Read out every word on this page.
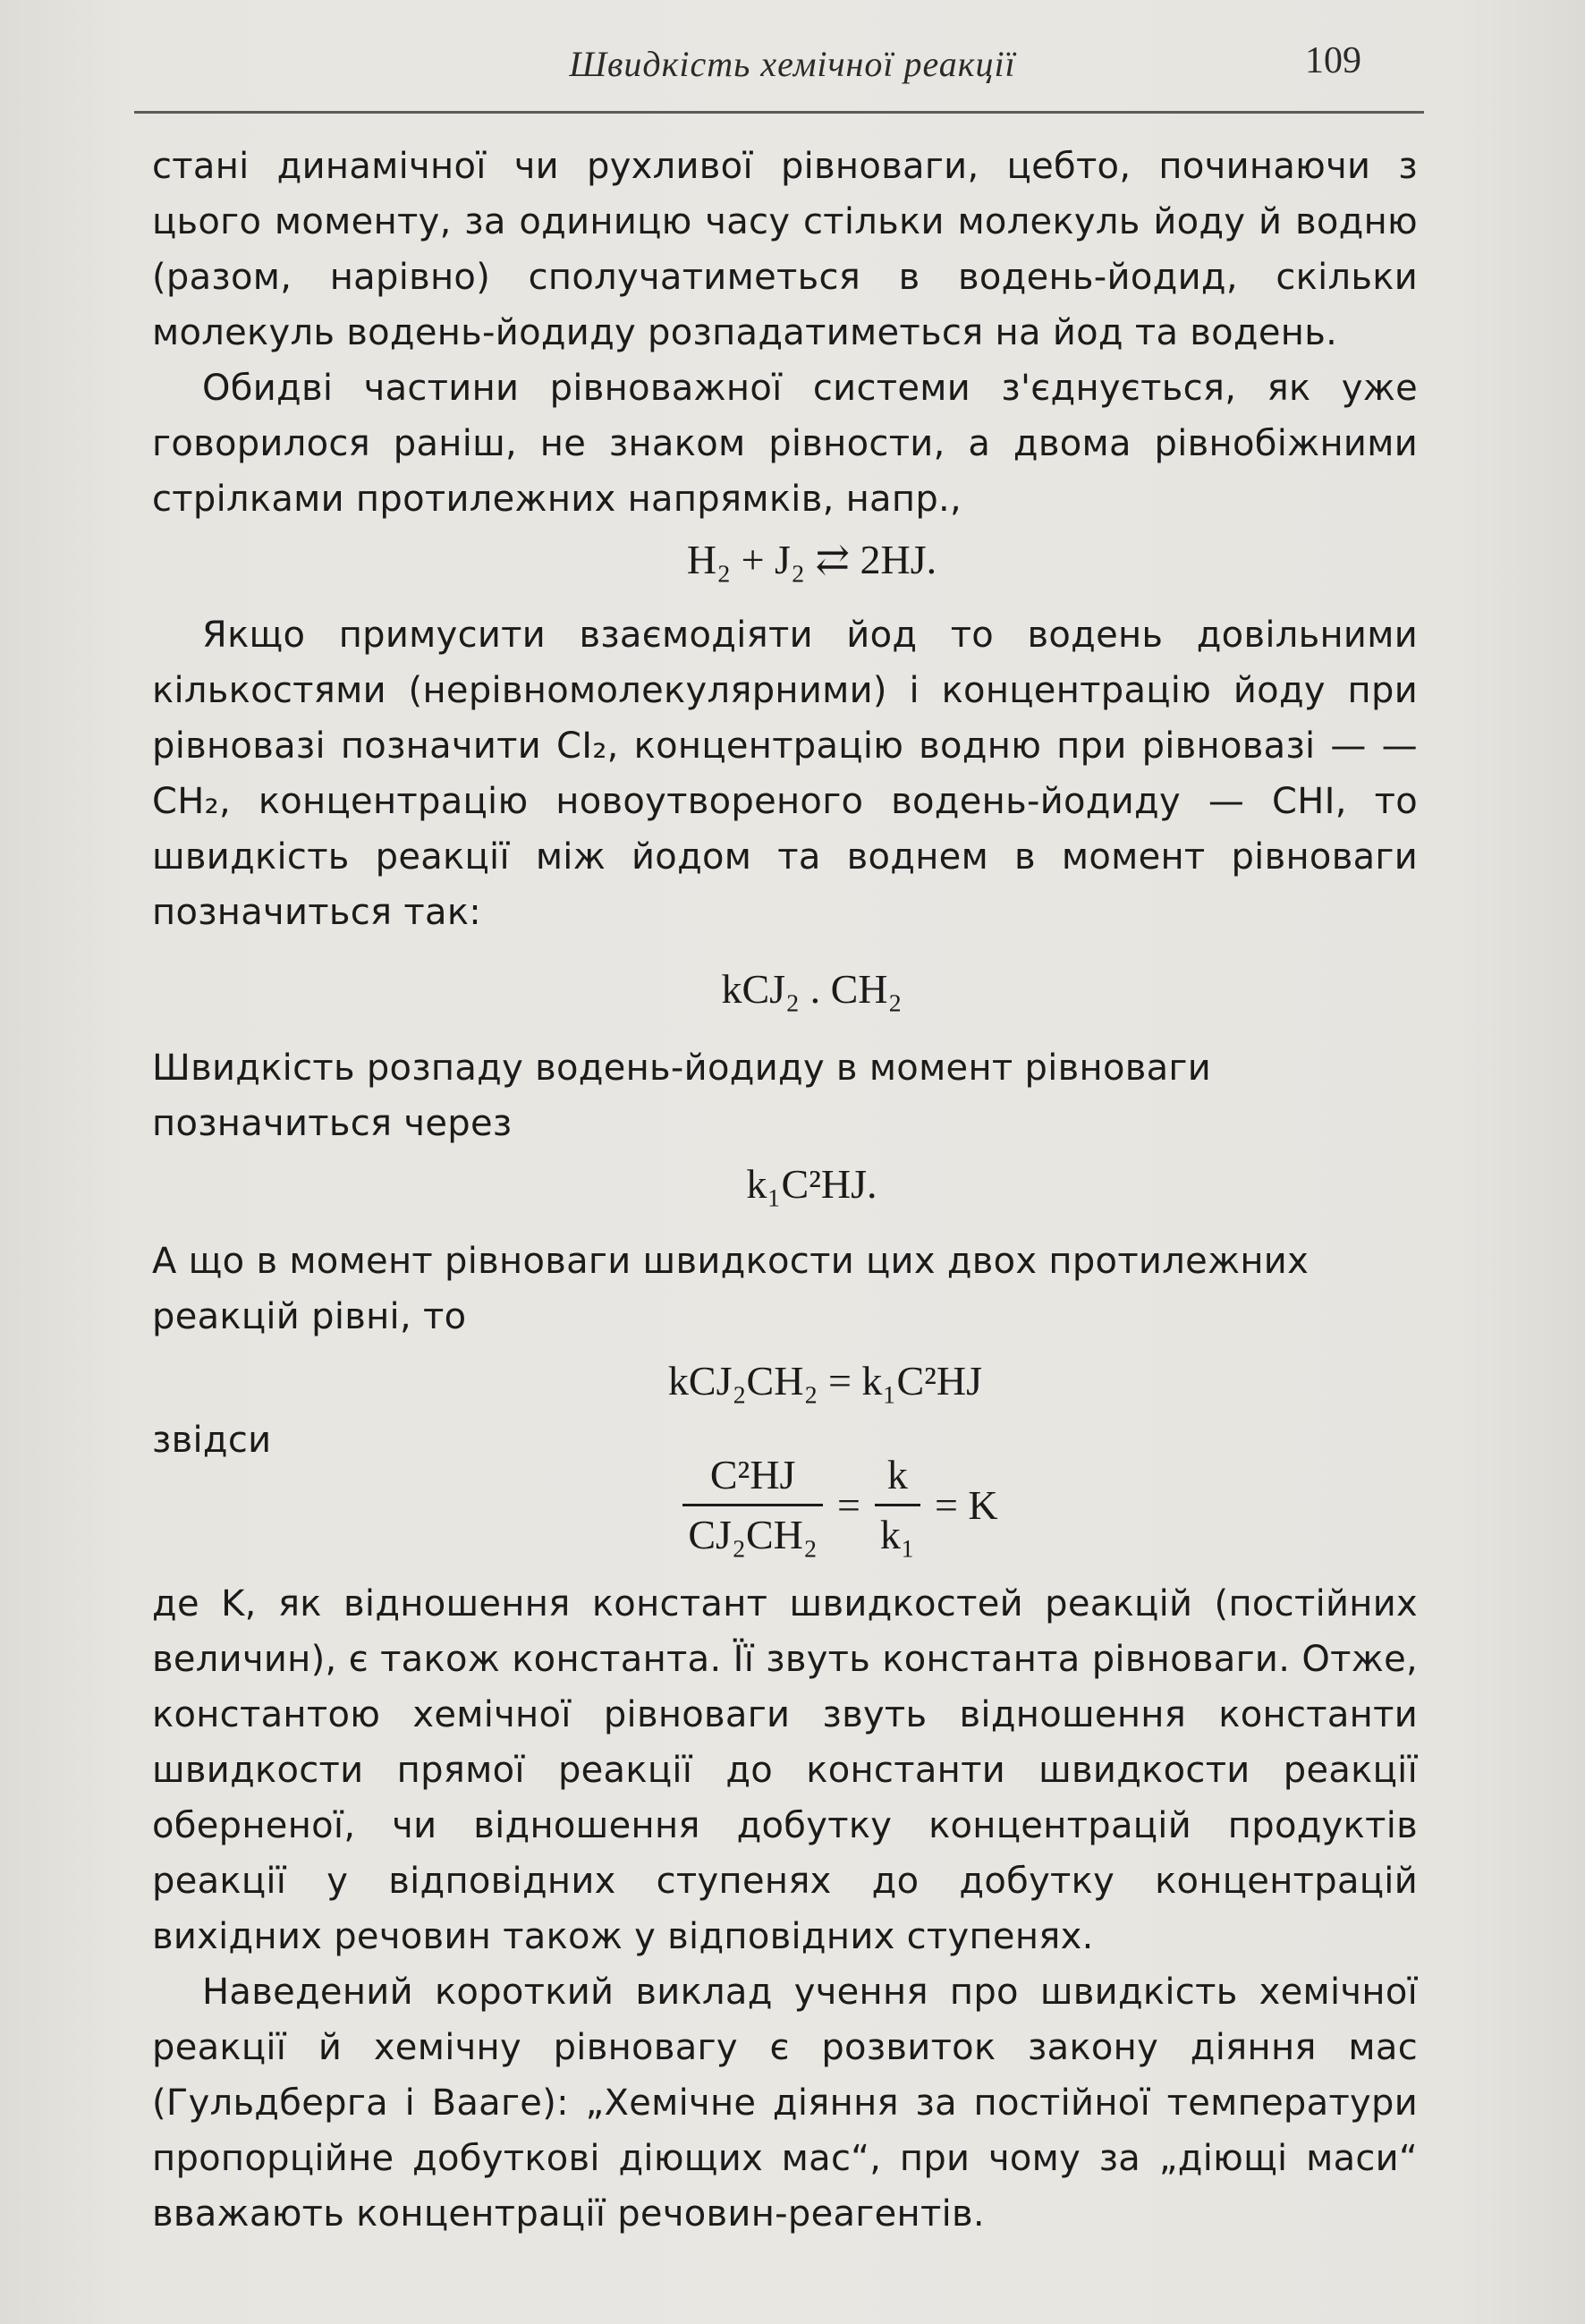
Швидкість хемічної реакції	109

стані динамічної чи рухливої рівноваги, цебто, починаючи з цього моменту, за одиницю часу стільки молекуль йоду й водню (разом, нарівно) сполучатиметься в водень-йодид, скільки молекуль водень-йодиду розпадатиметься на йод та водень.

Обидві частини рівноважної системи з'єднується, як уже говорилося раніш, не знаком рівности, а двома рівнобіжними стрілками протилежних напрямків, напр.,

H₂ + J₂ ⇄ 2HJ.

Якщо примусити взаємодіяти йод то водень довільними кількостями (нерівномолекулярними) і концентрацію йоду при рівновазі позначити CI₂, концентрацію водню при рівновазі — — CH₂, концентрацію новоутвореного водень-йодиду — CHI, то швидкість реакції між йодом та воднем в момент рівноваги позначиться так:

kCJ₂ . CH₂

Швидкість розпаду водень-йодиду в момент рівноваги позначиться через

k₁C²HJ.

А що в момент рівноваги швидкости цих двох протилежних реакцій рівні, то

kCJ₂CH₂ = k₁C²HJ

звідси

$\frac{\text{C²HJ}}{\text{CJ₂CH₂}} = \frac{k}{\text{k₁}} = K$

де K, як відношення констант швидкостей реакцій (постійних величин), є також константа. Її звуть константа рівноваги. Отже, константою хемічної рівноваги звуть відношення константи швидкости прямої реакції до константи швидкости реакції оберненої, чи відношення добутку концентрацій продуктів реакції у відповідних ступенях до добутку концентрацій вихідних речовин також у відповідних ступенях.

Наведений короткий виклад учення про швидкість хемічної реакції й хемічну рівновагу є розвиток закону діяння мас (Гульдберга і Вааге): „Хемічне діяння за постійної температури пропорційне добуткові діющих мас“, при чому за „діющі маси“ вважають концентрації речовин-реагентів.
